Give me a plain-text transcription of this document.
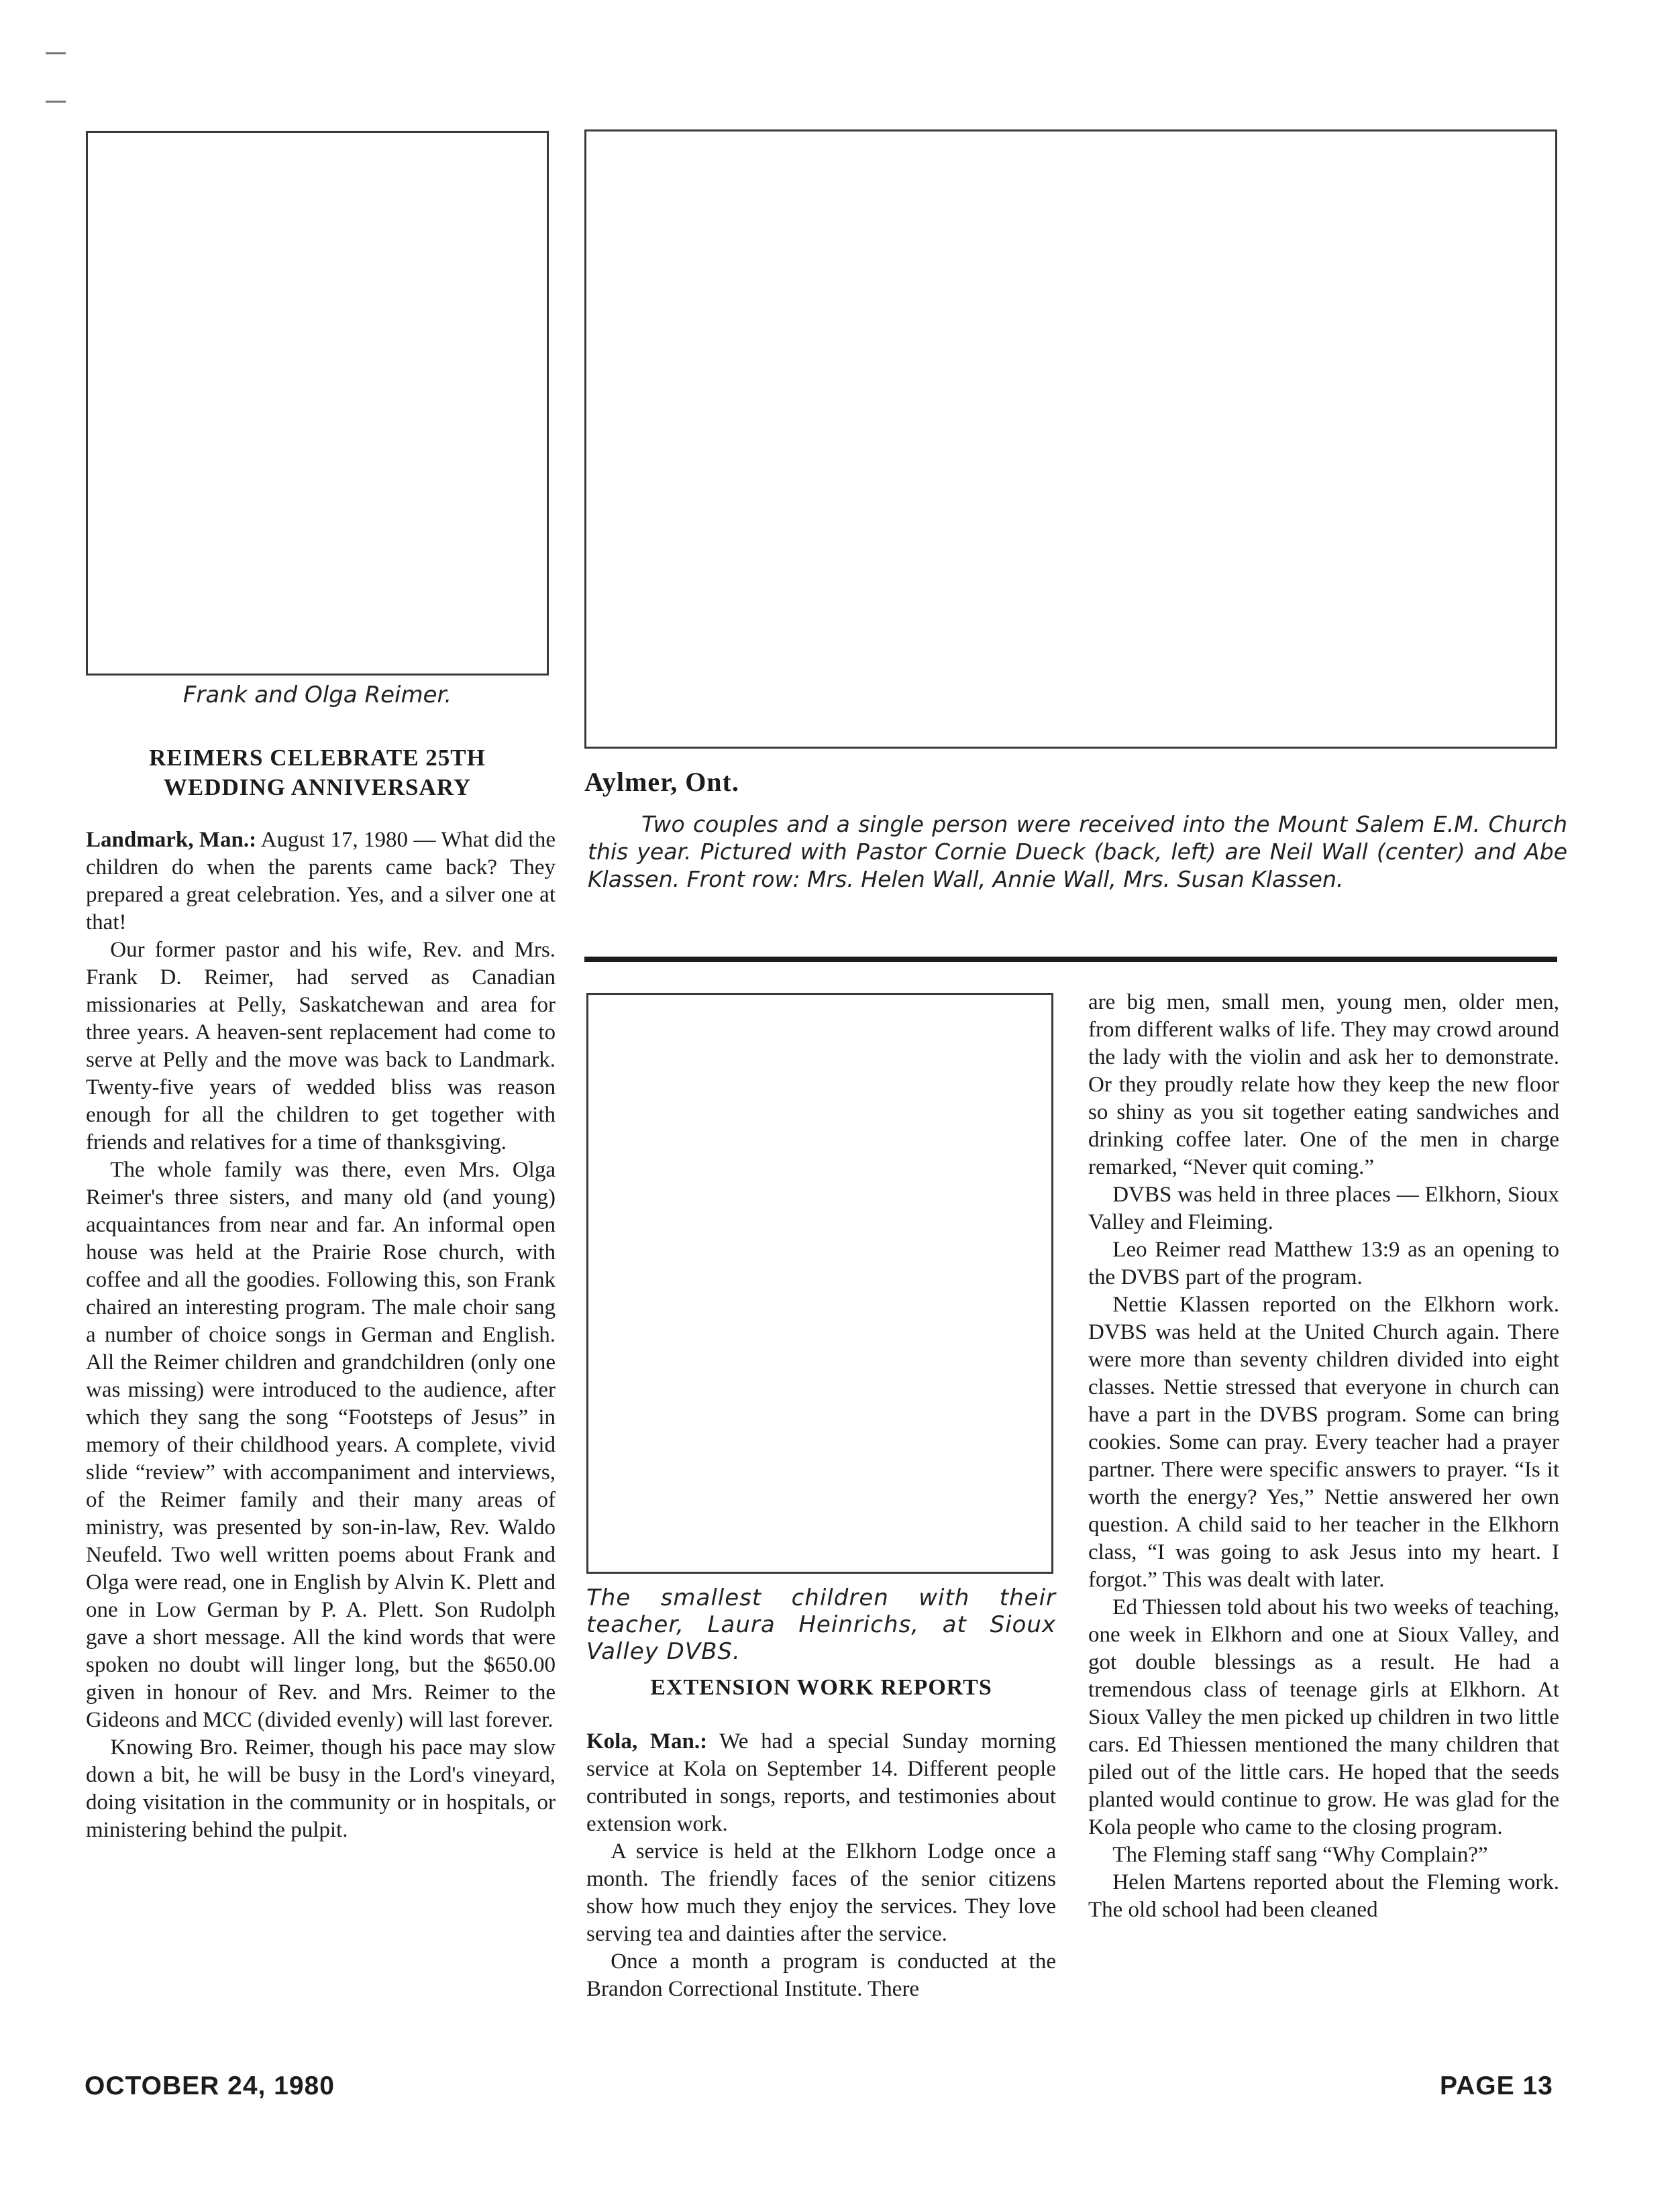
Frank and Olga Reimer.
REIMERS CELEBRATE 25TH
WEDDING ANNIVERSARY

Landmark, Man.: August 17, 1980 — What did the children do when the parents came back? They prepared a great celebration. Yes, and a silver one at that!

Our former pastor and his wife, Rev. and Mrs. Frank D. Reimer, had served as Canadian missionaries at Pelly, Saskatchewan and area for three years. A heaven-sent replacement had come to serve at Pelly and the move was back to Landmark. Twenty-five years of wedded bliss was reason enough for all the children to get together with friends and relatives for a time of thanksgiving.

The whole family was there, even Mrs. Olga Reimer's three sisters, and many old (and young) acquaintances from near and far. An informal open house was held at the Prairie Rose church, with coffee and all the goodies. Following this, son Frank chaired an interesting program. The male choir sang a number of choice songs in German and English. All the Reimer children and grandchildren (only one was missing) were introduced to the audience, after which they sang the song “Footsteps of Jesus” in memory of their childhood years. A complete, vivid slide “review” with accompaniment and interviews, of the Reimer family and their many areas of ministry, was presented by son-in-law, Rev. Waldo Neufeld. Two well written poems about Frank and Olga were read, one in English by Alvin K. Plett and one in Low German by P. A. Plett. Son Rudolph gave a short message. All the kind words that were spoken no doubt will linger long, but the $650.00 given in honour of Rev. and Mrs. Reimer to the Gideons and MCC (divided evenly) will last forever.

Knowing Bro. Reimer, though his pace may slow down a bit, he will be busy in the Lord's vineyard, doing visitation in the community or in hospitals, or ministering behind the pulpit.

Aylmer, Ont.
Two couples and a single person were received into the Mount Salem E.M. Church this year. Pictured with Pastor Cornie Dueck (back, left) are Neil Wall (center) and Abe Klassen. Front row: Mrs. Helen Wall, Annie Wall, Mrs. Susan Klassen.
The smallest children with their teacher, Laura Heinrichs, at Sioux Valley DVBS.
EXTENSION WORK REPORTS

Kola, Man.: We had a special Sunday morning service at Kola on September 14. Different people contributed in songs, reports, and testimonies about extension work.

A service is held at the Elkhorn Lodge once a month. The friendly faces of the senior citizens show how much they enjoy the services. They love serving tea and dainties after the service.

Once a month a program is conducted at the Brandon Correctional Institute. There

are big men, small men, young men, older men, from different walks of life. They may crowd around the lady with the violin and ask her to demonstrate. Or they proudly relate how they keep the new floor so shiny as you sit together eating sandwiches and drinking coffee later. One of the men in charge remarked, “Never quit coming.”

DVBS was held in three places — Elkhorn, Sioux Valley and Fleiming.

Leo Reimer read Matthew 13:9 as an opening to the DVBS part of the program.

Nettie Klassen reported on the Elkhorn work. DVBS was held at the United Church again. There were more than seventy children divided into eight classes. Nettie stressed that everyone in church can have a part in the DVBS program. Some can bring cookies. Some can pray. Every teacher had a prayer partner. There were specific answers to prayer. “Is it worth the energy? Yes,” Nettie answered her own question. A child said to her teacher in the Elkhorn class, “I was going to ask Jesus into my heart. I forgot.” This was dealt with later.

Ed Thiessen told about his two weeks of teaching, one week in Elkhorn and one at Sioux Valley, and got double blessings as a result. He had a tremendous class of teenage girls at Elkhorn. At Sioux Valley the men picked up children in two little cars. Ed Thiessen mentioned the many children that piled out of the little cars. He hoped that the seeds planted would continue to grow. He was glad for the Kola people who came to the closing program.

The Fleming staff sang “Why Complain?”

Helen Martens reported about the Fleming work. The old school had been cleaned

OCTOBER 24, 1980	PAGE 13
